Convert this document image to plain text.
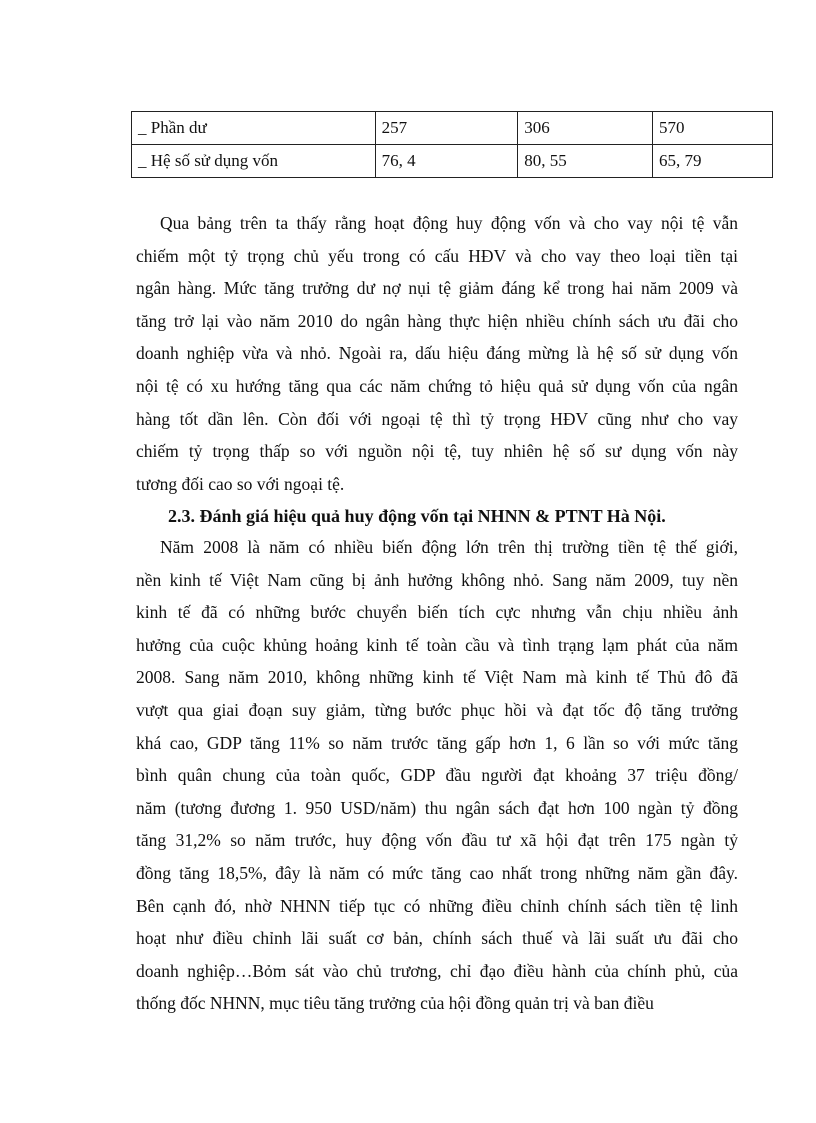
_ Phần dư	257	306	570
_ Hệ số sử dụng vốn	76, 4	80, 55	65, 79
Qua bảng trên ta thấy rằng hoạt động huy động vốn và cho vay nội tệ vẫn
chiếm một tỷ trọng chủ yếu trong có cấu HĐV và cho vay theo loại tiền tại
ngân hàng. Mức tăng trưởng dư nợ nụi tệ giảm đáng kể trong hai năm 2009 và
tăng trở lại vào năm 2010 do ngân hàng thực hiện nhiều chính sách ưu đãi cho
doanh nghiệp vừa và nhỏ. Ngoài ra, dấu hiệu đáng mừng là hệ số sử dụng vốn
nội tệ có xu hướng tăng qua các năm chứng tỏ hiệu quả sử dụng vốn của ngân
hàng tốt dần lên. Còn đối với ngoại tệ thì tỷ trọng HĐV cũng như cho vay
chiếm tỷ trọng thấp so với nguồn nội tệ, tuy nhiên hệ số sư dụng vốn này
tương đối cao so với ngoại tệ.
2.3. Đánh giá hiệu quả huy động vốn tại NHNN & PTNT Hà Nội.
Năm 2008 là năm có nhiều biến động lớn trên thị trường tiền tệ thế giới,
nền kinh tế Việt Nam cũng bị ảnh hưởng không nhỏ. Sang năm 2009, tuy nền
kinh tế đã có những bước chuyển biến tích cực nhưng vẫn chịu nhiều ảnh
hưởng của cuộc khủng hoảng kinh tế toàn cầu và tình trạng lạm phát của năm
2008. Sang năm 2010, không những kinh tế Việt Nam mà kinh tế Thủ đô đã
vượt qua giai đoạn suy giảm, từng bước phục hồi và đạt tốc độ tăng trưởng
khá cao, GDP tăng 11% so năm trước tăng gấp hơn 1, 6 lần so với mức tăng
bình quân chung của toàn quốc, GDP đầu người đạt khoảng 37 triệu đồng/
năm (tương đương 1. 950 USD/năm) thu ngân sách đạt hơn 100 ngàn tỷ đồng
tăng 31,2% so năm trước, huy động vốn đầu tư xã hội đạt trên 175 ngàn tỷ
đồng tăng 18,5%, đây là năm có mức tăng cao nhất trong những năm gần đây.
Bên cạnh đó, nhờ NHNN tiếp tục có những điều chỉnh chính sách tiền tệ linh
hoạt như điều chỉnh lãi suất cơ bản, chính sách thuế và lãi suất ưu đãi cho
doanh nghiệp…Bỏm sát vào chủ trương, chỉ đạo điều hành của chính phủ, của
thống đốc NHNN, mục tiêu tăng trưởng của hội đồng quản trị và ban điều
